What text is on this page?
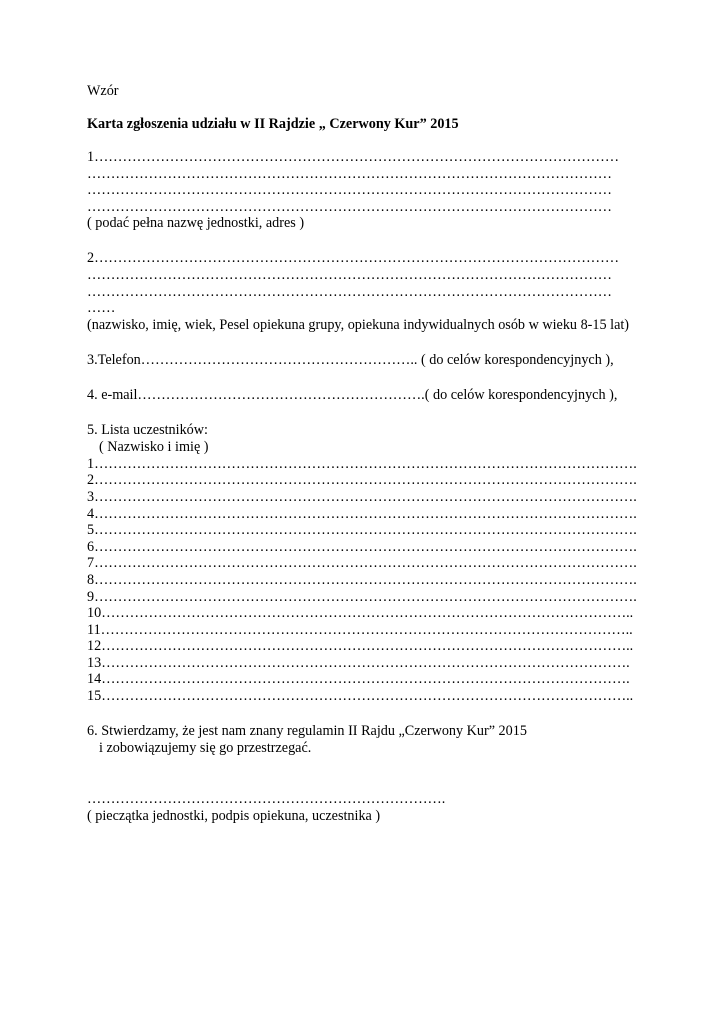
Wzór
Karta zgłoszenia udziału w II Rajdzie „ Czerwony Kur” 2015
1…………………………………………………………………………………………………
…………………………………………………………………………………………………
…………………………………………………………………………………………………
…………………………………………………………………………………………………
( podać pełna nazwę jednostki, adres )
2…………………………………………………………………………………………………
…………………………………………………………………………………………………
…………………………………………………………………………………………………
……
(nazwisko, imię, wiek, Pesel opiekuna grupy, opiekuna indywidualnych osób w wieku 8-15 lat)
3.Telefon………………………………………………….. ( do celów korespondencyjnych ),
4. e-mail…………………………………………………….( do celów korespondencyjnych ),
5. Lista uczestników:
( Nazwisko i imię )
1…………………………………………………………………………………………………….
2…………………………………………………………………………………………………….
3…………………………………………………………………………………………………….
4…………………………………………………………………………………………………….
5…………………………………………………………………………………………………….
6…………………………………………………………………………………………………….
7…………………………………………………………………………………………………….
8…………………………………………………………………………………………………….
9…………………………………………………………………………………………………….
10…………………………………………………………………………………………………..
11…………………………………………………………………………………………………..
12…………………………………………………………………………………………………..
13………………………………………………………………………………………………….
14………………………………………………………………………………………………….
15…………………………………………………………………………………………………..
6. Stwierdzamy, że jest nam znany regulamin II Rajdu „Czerwony Kur” 2015
i zobowiązujemy się go przestrzegać.
………………………………………………………………….
( pieczątka jednostki, podpis opiekuna, uczestnika )
